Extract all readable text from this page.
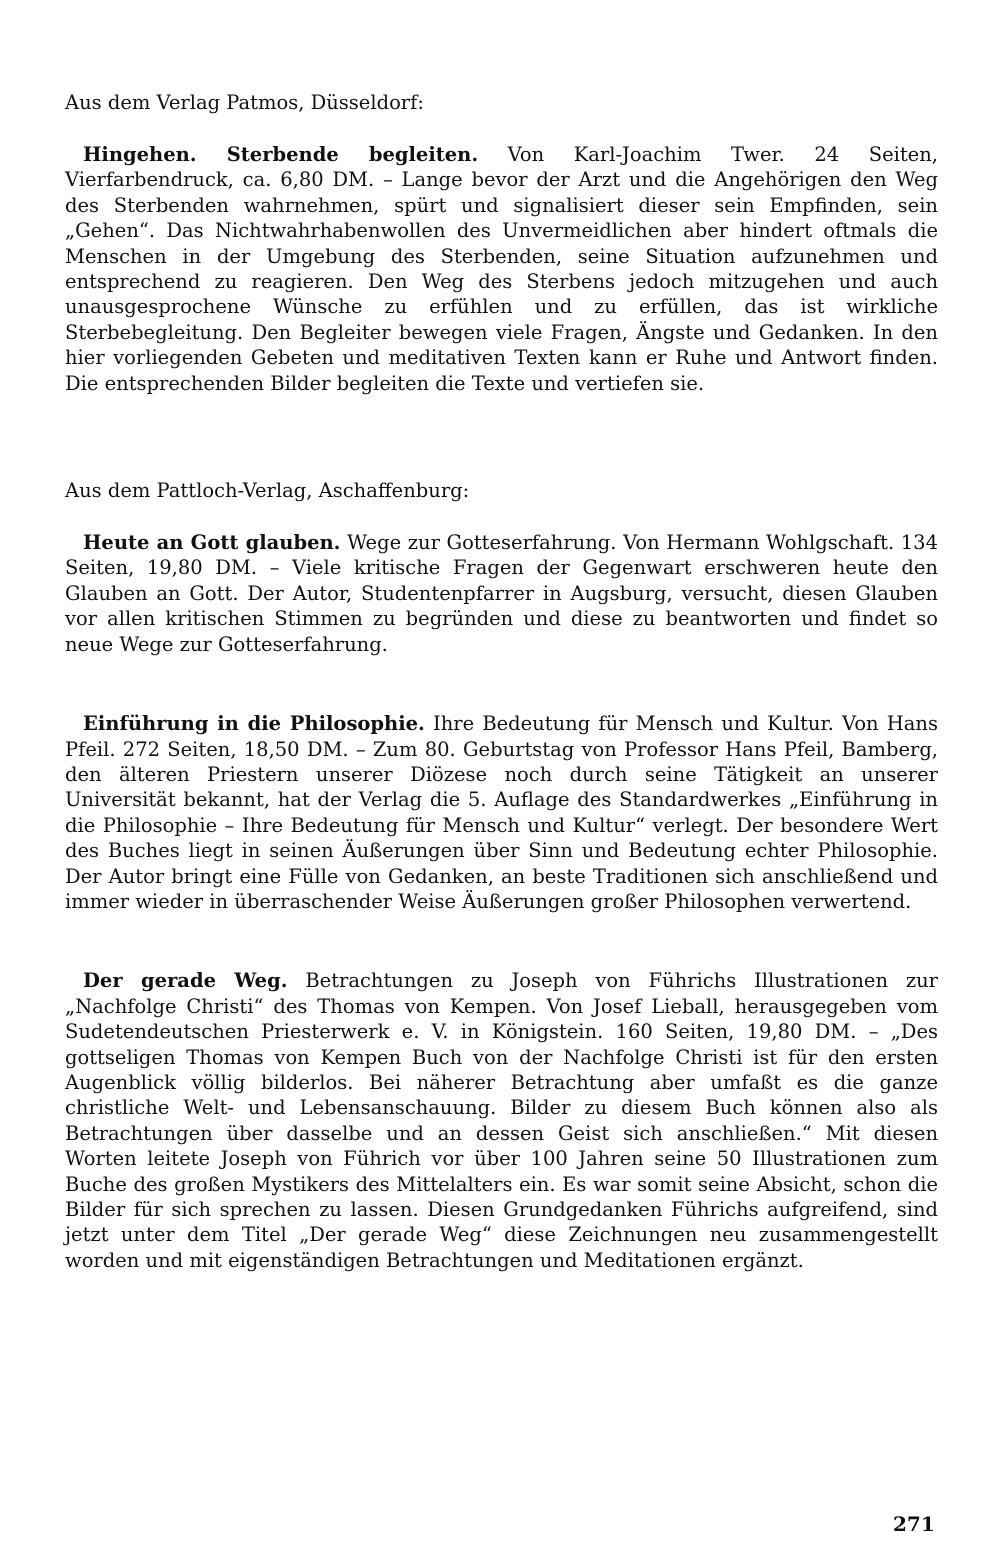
Aus dem Verlag Patmos, Düsseldorf:

Hingehen. Sterbende begleiten. Von Karl-Joachim Twer. 24 Seiten, Vierfarbendruck, ca. 6,80 DM. – Lange bevor der Arzt und die Angehörigen den Weg des Sterbenden wahrnehmen, spürt und signalisiert dieser sein Empfinden, sein „Gehen“. Das Nichtwahrhabenwollen des Unvermeidlichen aber hindert oftmals die Menschen in der Umgebung des Sterbenden, seine Situation aufzunehmen und entsprechend zu reagieren. Den Weg des Sterbens jedoch mitzugehen und auch unausgesprochene Wünsche zu erfühlen und zu erfüllen, das ist wirkliche Sterbebegleitung. Den Begleiter bewegen viele Fragen, Ängste und Gedanken. In den hier vorliegenden Gebeten und meditativen Texten kann er Ruhe und Antwort finden. Die entsprechenden Bilder begleiten die Texte und vertiefen sie.

Aus dem Pattloch-Verlag, Aschaffenburg:

Heute an Gott glauben. Wege zur Gotteserfahrung. Von Hermann Wohlgschaft. 134 Seiten, 19,80 DM. – Viele kritische Fragen der Gegenwart erschweren heute den Glauben an Gott. Der Autor, Studentenpfarrer in Augsburg, versucht, diesen Glauben vor allen kritischen Stimmen zu begründen und diese zu beantworten und findet so neue Wege zur Gotteserfahrung.

Einführung in die Philosophie. Ihre Bedeutung für Mensch und Kultur. Von Hans Pfeil. 272 Seiten, 18,50 DM. – Zum 80. Geburtstag von Professor Hans Pfeil, Bamberg, den älteren Priestern unserer Diözese noch durch seine Tätigkeit an unserer Universität bekannt, hat der Verlag die 5. Auflage des Standardwerkes „Einführung in die Philosophie – Ihre Bedeutung für Mensch und Kultur“ verlegt. Der besondere Wert des Buches liegt in seinen Äußerungen über Sinn und Bedeutung echter Philosophie. Der Autor bringt eine Fülle von Gedanken, an beste Traditionen sich anschließend und immer wieder in überraschender Weise Äußerungen großer Philosophen verwertend.

Der gerade Weg. Betrachtungen zu Joseph von Führichs Illustrationen zur „Nachfolge Christi“ des Thomas von Kempen. Von Josef Lieball, herausgegeben vom Sudetendeutschen Priesterwerk e. V. in Königstein. 160 Seiten, 19,80 DM. – „Des gottseligen Thomas von Kempen Buch von der Nachfolge Christi ist für den ersten Augenblick völlig bilderlos. Bei näherer Betrachtung aber umfaßt es die ganze christliche Welt- und Lebensanschauung. Bilder zu diesem Buch können also als Betrachtungen über dasselbe und an dessen Geist sich anschließen.“ Mit diesen Worten leitete Joseph von Führich vor über 100 Jahren seine 50 Illustrationen zum Buche des großen Mystikers des Mittelalters ein. Es war somit seine Absicht, schon die Bilder für sich sprechen zu lassen. Diesen Grundgedanken Führichs aufgreifend, sind jetzt unter dem Titel „Der gerade Weg“ diese Zeichnungen neu zusammengestellt worden und mit eigenständigen Betrachtungen und Meditationen ergänzt.

271
